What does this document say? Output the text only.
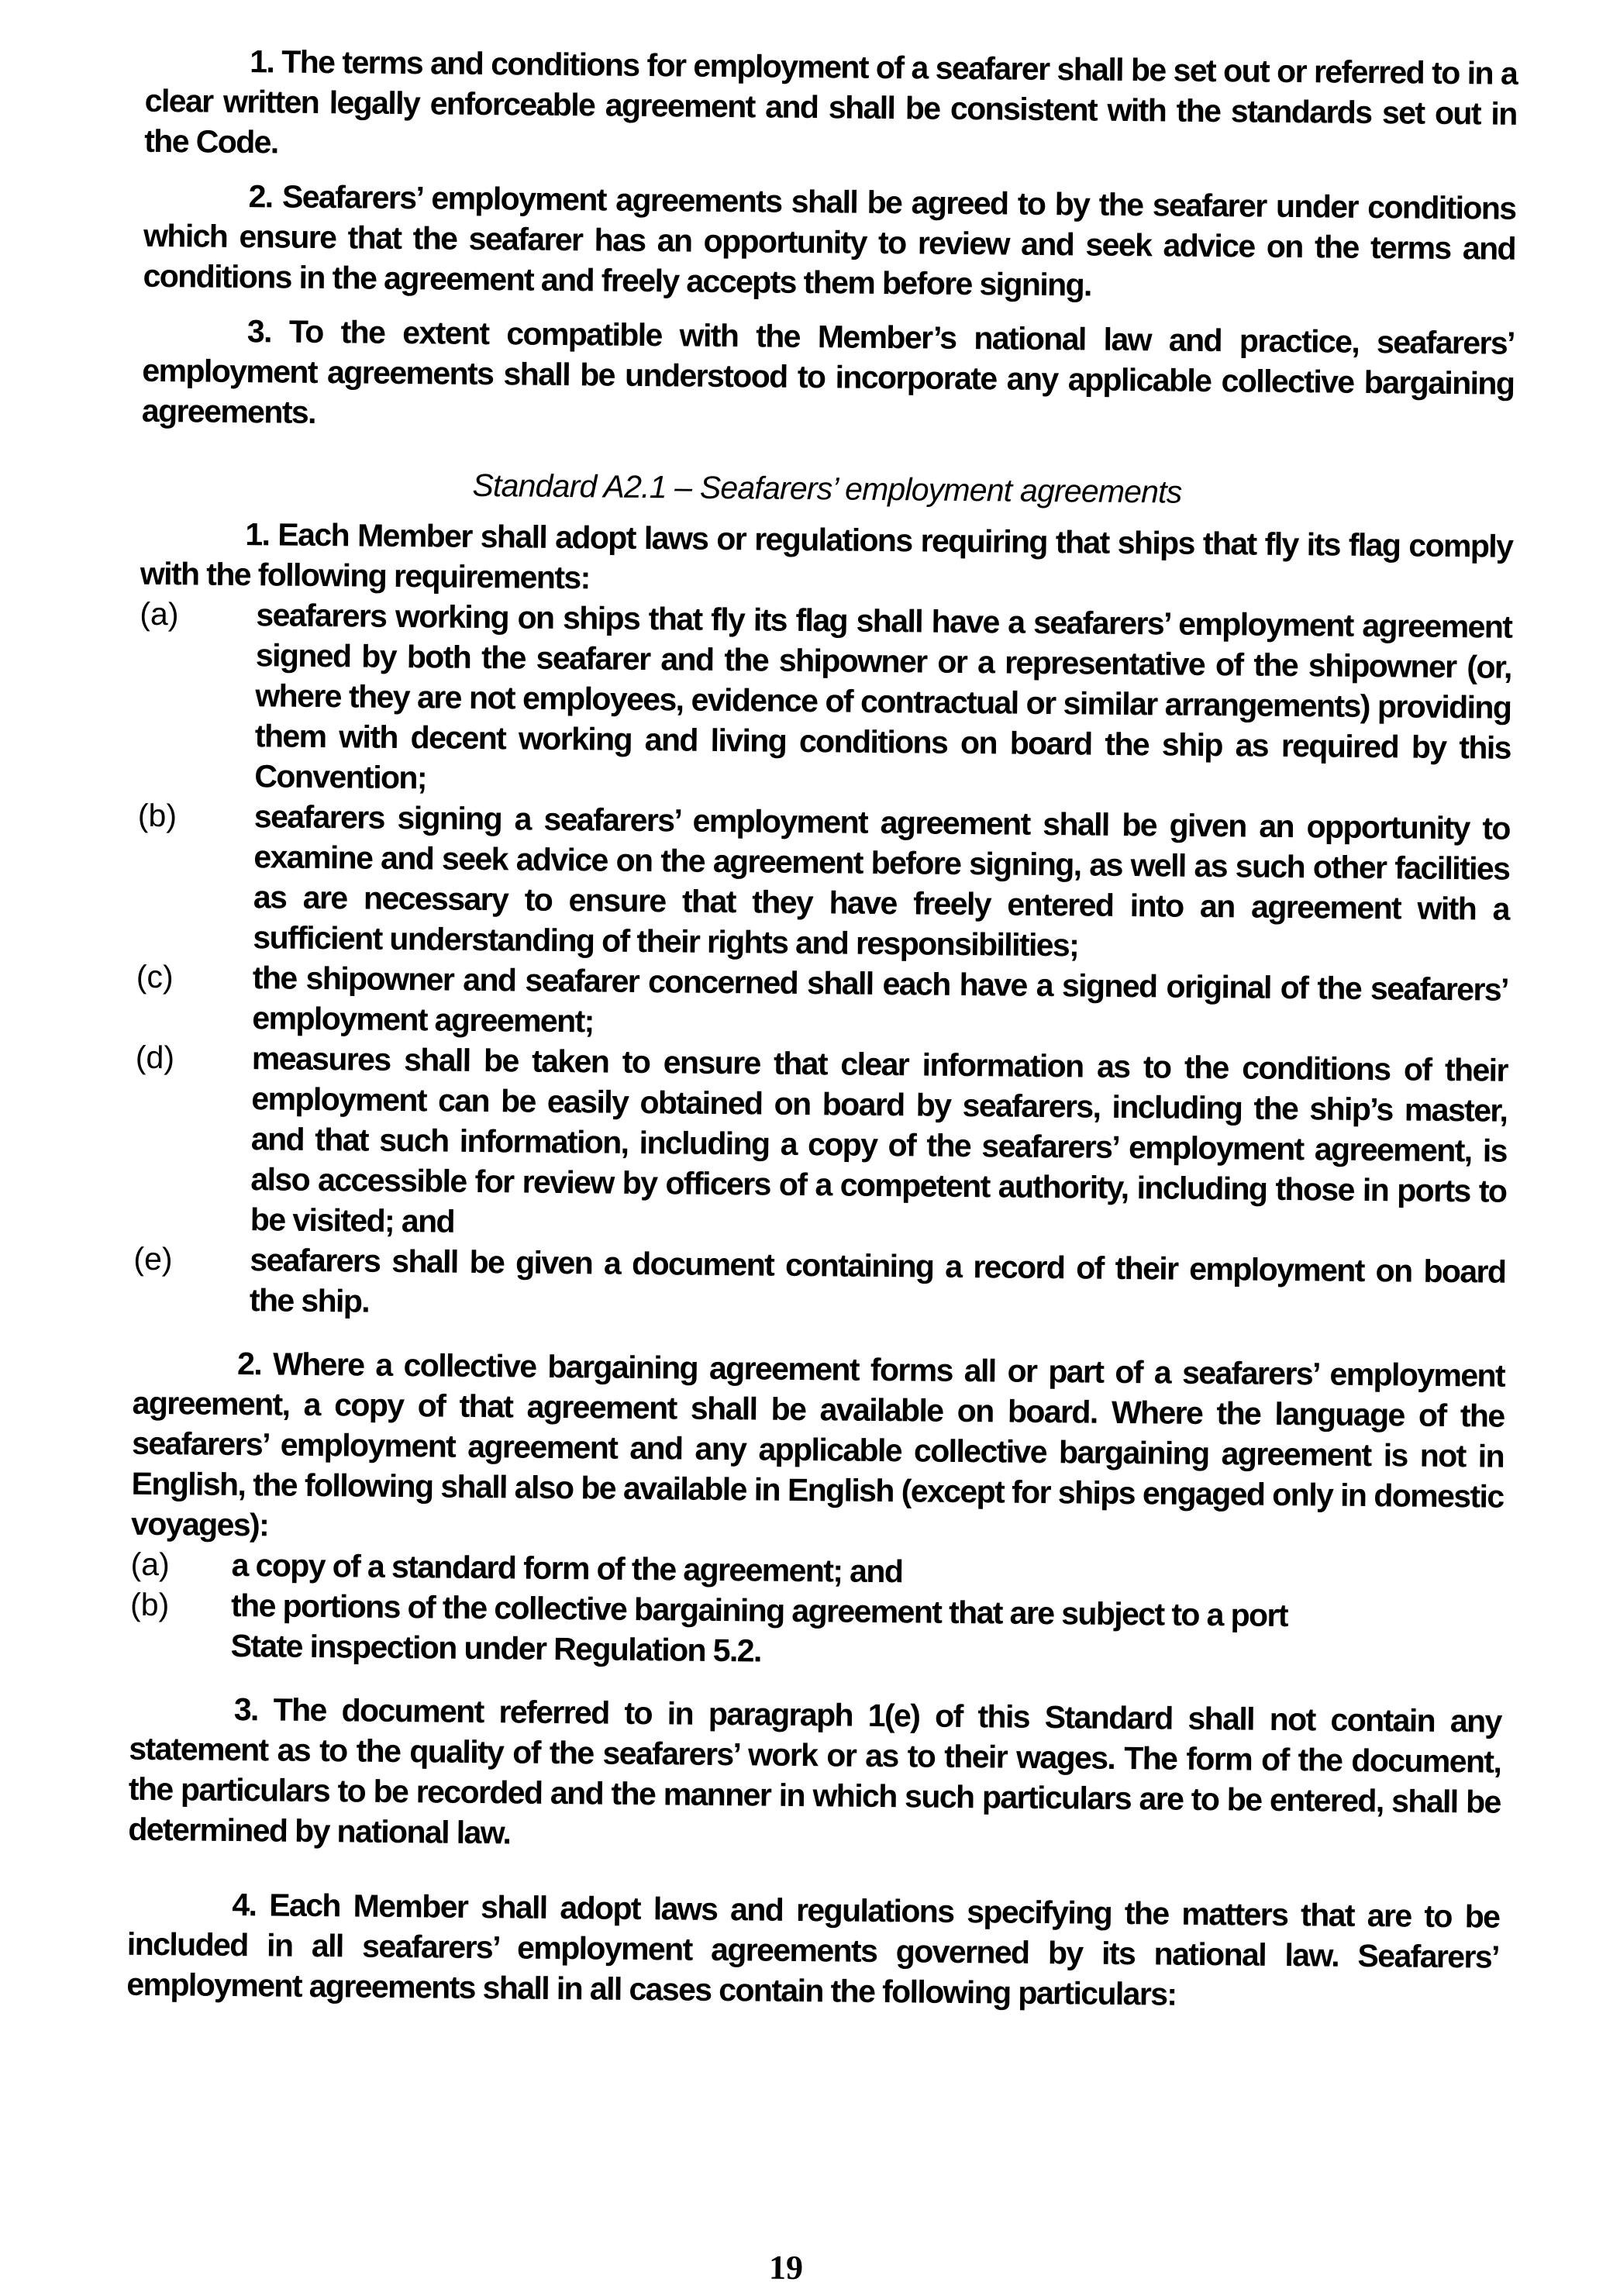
1. The terms and conditions for employment of a seafarer shall be set out or referred to in a clear written legally enforceable agreement and shall be consistent with the standards set out in the Code.

2. Seafarers’ employment agreements shall be agreed to by the seafarer under conditions which ensure that the seafarer has an opportunity to review and seek advice on the terms and conditions in the agreement and freely accepts them before signing.

3. To the extent compatible with the Member’s national law and practice, seafarers’ employment agreements shall be understood to incorporate any applicable collective bargaining agreements.

Standard A2.1 – Seafarers’ employment agreements

1. Each Member shall adopt laws or regulations requiring that ships that fly its flag comply with the following requirements:

(a)	seafarers working on ships that fly its flag shall have a seafarers’ employment agreement signed by both the seafarer and the shipowner or a representative of the shipowner (or, where they are not employees, evidence of contractual or similar arrangements) providing them with decent working and living conditions on board the ship as required by this Convention;
(b)	seafarers signing a seafarers’ employment agreement shall be given an opportunity to examine and seek advice on the agreement before signing, as well as such other facilities as are necessary to ensure that they have freely entered into an agreement with a sufficient understanding of their rights and responsibilities;
(c)	the shipowner and seafarer concerned shall each have a signed original of the seafarers’ employment agreement;
(d)	measures shall be taken to ensure that clear information as to the conditions of their employment can be easily obtained on board by seafarers, including the ship’s master, and that such information, including a copy of the seafarers’ employment agreement, is also accessible for review by officers of a competent authority, including those in ports to be visited; and
(e)	seafarers shall be given a document containing a record of their employment on board the ship.

2. Where a collective bargaining agreement forms all or part of a seafarers’ employment agreement, a copy of that agreement shall be available on board. Where the language of the seafarers’ employment agreement and any applicable collective bargaining agreement is not in English, the following shall also be available in English (except for ships engaged only in domestic voyages):

(a)	a copy of a standard form of the agreement; and
(b)	the portions of the collective bargaining agreement that are subject to a port
State inspection under Regulation 5.2.

3. The document referred to in paragraph 1(e) of this Standard shall not contain any statement as to the quality of the seafarers’ work or as to their wages. The form of the document, the particulars to be recorded and the manner in which such particulars are to be entered, shall be determined by national law.

4. Each Member shall adopt laws and regulations specifying the matters that are to be included in all seafarers’ employment agreements governed by its national law. Seafarers’ employment agreements shall in all cases contain the following particulars:

19
